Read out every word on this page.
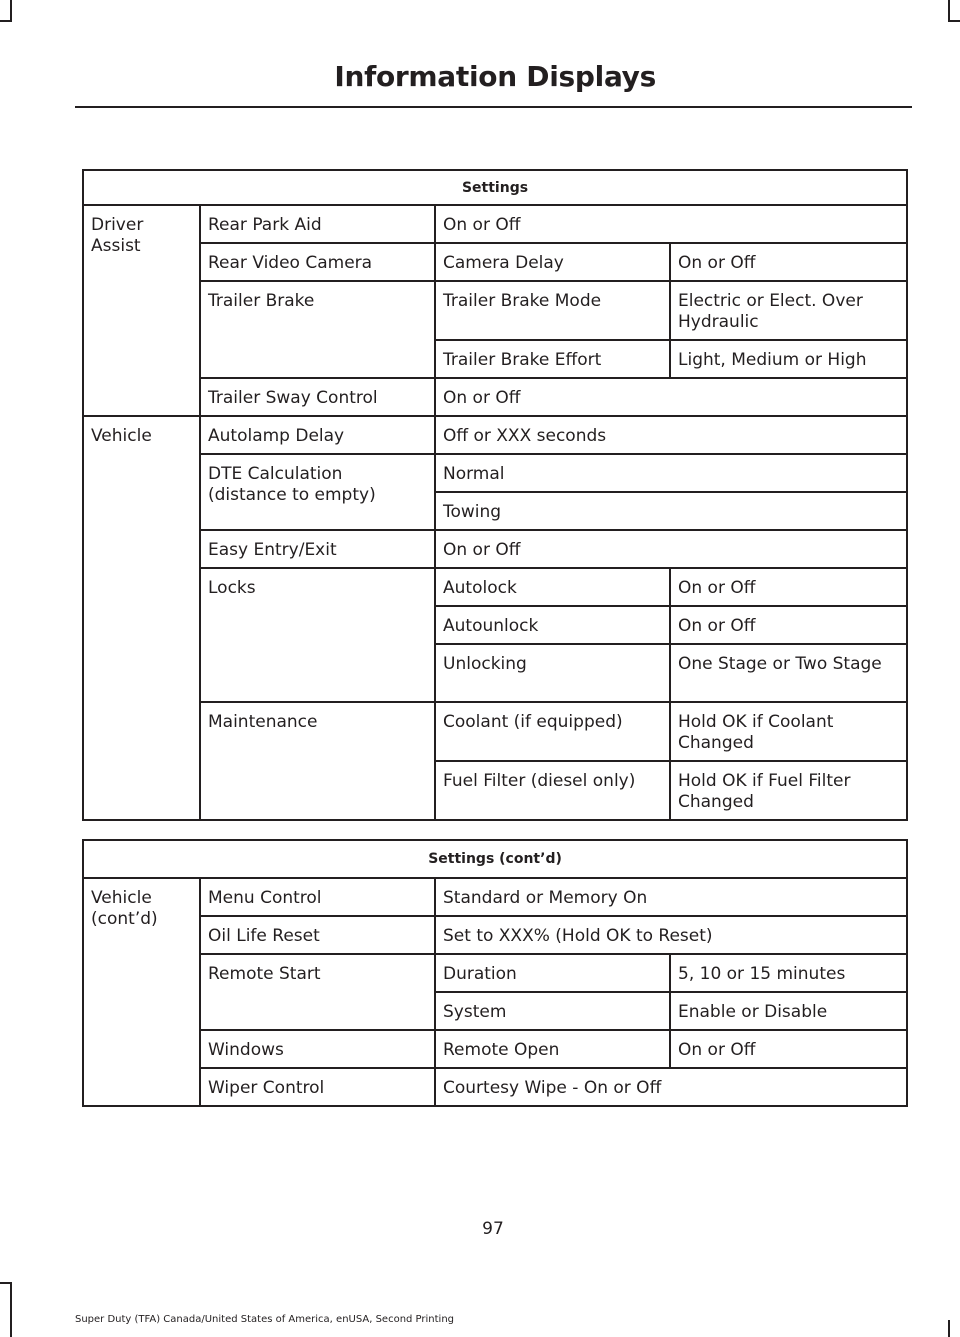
Information Displays
Settings			
Driver Assist	Rear Park Aid	On or Off	
	Rear Video Camera	Camera Delay	On or Off
	Trailer Brake	Trailer Brake Mode	Electric or Elect. Over Hydraulic
		Trailer Brake Effort	Light, Medium or High
	Trailer Sway Control	On or Off	

Vehicle	Autolamp Delay	Off or XXX seconds	
	DTE Calculation (distance to empty)	Normal	
		Towing	
	Easy Entry/Exit	On or Off	
	Locks	Autolock	On or Off
		Autounlock	On or Off
		Unlocking	One Stage or Two Stage
	Maintenance	Coolant (if equipped)	Hold OK if Coolant Changed
		Fuel Filter (diesel only)	Hold OK if Fuel Filter Changed

Settings (cont’d)			
Vehicle (cont’d)	Menu Control	Standard or Memory On	
	Oil Life Reset	Set to XXX% (Hold OK to Reset)	
	Remote Start	Duration	5, 10 or 15 minutes
		System	Enable or Disable
	Windows	Remote Open	On or Off
	Wiper Control	Courtesy Wipe - On or Off	
97
Super Duty (TFA) Canada/United States of America, enUSA, Second Printing
